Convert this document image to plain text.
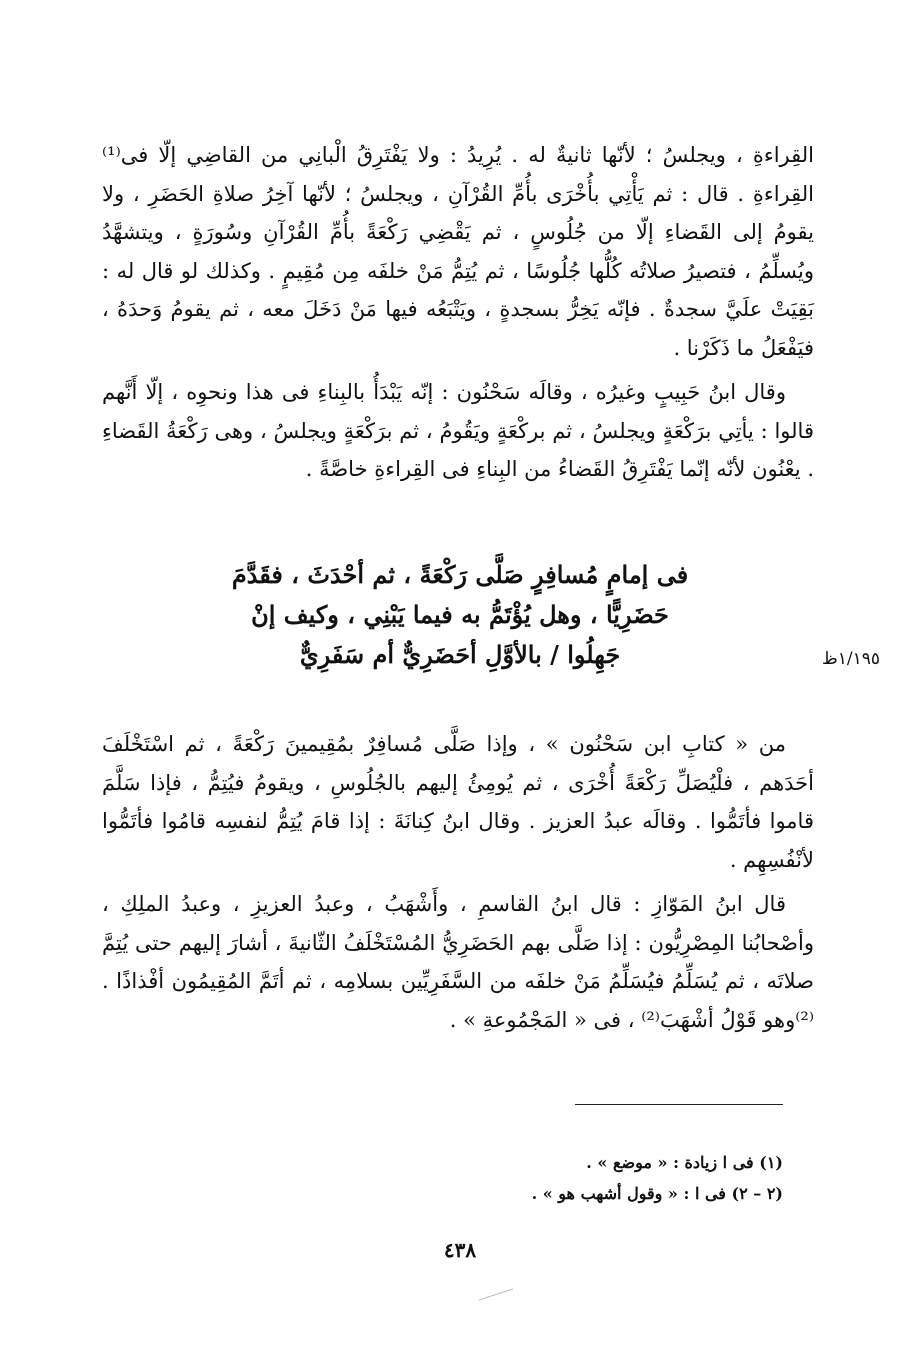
القِراءةِ ، ويجلسُ ؛ لأنّها ثانيةٌ له . يُرِيدُ : ولا يَفْتَرِقُ الْبانِي من القاضِي إلّا فى⁽¹⁾ القِراءةِ . قال : ثم يَأْتِي بأُخْرَى بأُمِّ القُرْآنِ ، ويجلسُ ؛ لأنّها آخِرُ صلاةِ الحَضَرِ ، ولا يقومُ إلى القَضاءِ إلّا من جُلُوسٍ ، ثم يَقْضِي رَكْعَةً بأُمِّ القُرْآنِ وسُورَةٍ ، ويتشهَّدُ ويُسلِّمُ ، فتصيرُ صلاتُه كُلُّها جُلُوسًا ، ثم يُتِمُّ مَنْ خلفَه مِن مُقِيمٍ . وكذلك لو قال له : بَقِيَتْ علَيَّ سجدةٌ . فإنّه يَخِرُّ بسجدةٍ ، ويَتْبَعُه فيها مَنْ دَخَلَ معه ، ثم يقومُ وَحدَهُ ، فيَفْعَلُ ما ذَكَرْنا .

وقال ابنُ حَبِيبٍ وغيرُه ، وقالَه سَحْنُون : إنّه يَبْدَأُ بالبِناءِ فى هذا ونحوِه ، إلّا أَنَّهم قالوا : يأتِي برَكْعَةٍ ويجلسُ ، ثم بركْعَةٍ ويَقُومُ ، ثم برَكْعَةٍ ويجلسُ ، وهى رَكْعَةُ القَضاءِ . يعْنُون لأنّه إنّما يَفْتَرِقُ القَضاءُ من البِناءِ فى القِراءةِ خاصَّةً .

فى إمامٍ مُسافِرٍ صَلَّى رَكْعَةً ، ثم أحْدَثَ ، فقَدَّمَ
حَضَرِيًّا ، وهل يُؤْتَمُّ به فيما يَبْنِي ، وكيف إنْ
جَهِلُوا / بالأوَّلِ أحَضَرِيٌّ أم سَفَرِيٌّ	١/١٩٥ظ

من « كتابِ ابن سَحْنُون » ، وإذا صَلَّى مُسافِرٌ بمُقِيمينَ رَكْعَةً ، ثم اسْتَخْلَفَ أحَدَهم ، فلْيُصَلِّ رَكْعَةً أُخْرَى ، ثم يُومِئُ إليهم بالجُلُوسِ ، ويقومُ فيُتِمُّ ، فإذا سَلَّمَ قاموا فأتَمُّوا . وقالَه عبدُ العزيز . وقال ابنُ كِنانَةَ : إذا قامَ يُتِمُّ لنفسِه قامُوا فأتَمُّوا لأنْفُسِهِم .

قال ابنُ المَوّازِ : قال ابنُ القاسمِ ، وأَشْهَبُ ، وعبدُ العزيزِ ، وعبدُ الملِكِ ، وأصْحابُنا المِصْرِيُّون : إذا صَلَّى بهم الحَضَرِيُّ المُسْتَخْلَفُ الثّانيةَ ، أشارَ إليهم حتى يُتِمَّ صلاتَه ، ثم يُسَلِّمُ فيُسَلِّمُ مَنْ خلفَه من السَّفَرِيِّين بسلامِه ، ثم أتَمَّ المُقِيمُون أفْذاذًا . ⁽²⁾وهو قَوْلُ أشْهَبَ⁽²⁾ ، فى « المَجْمُوعةِ » .

(١) فى ا زيادة : « موضع » .
(٢ – ٢) فى ا : « وقول أشهب هو » .
٤٣٨
